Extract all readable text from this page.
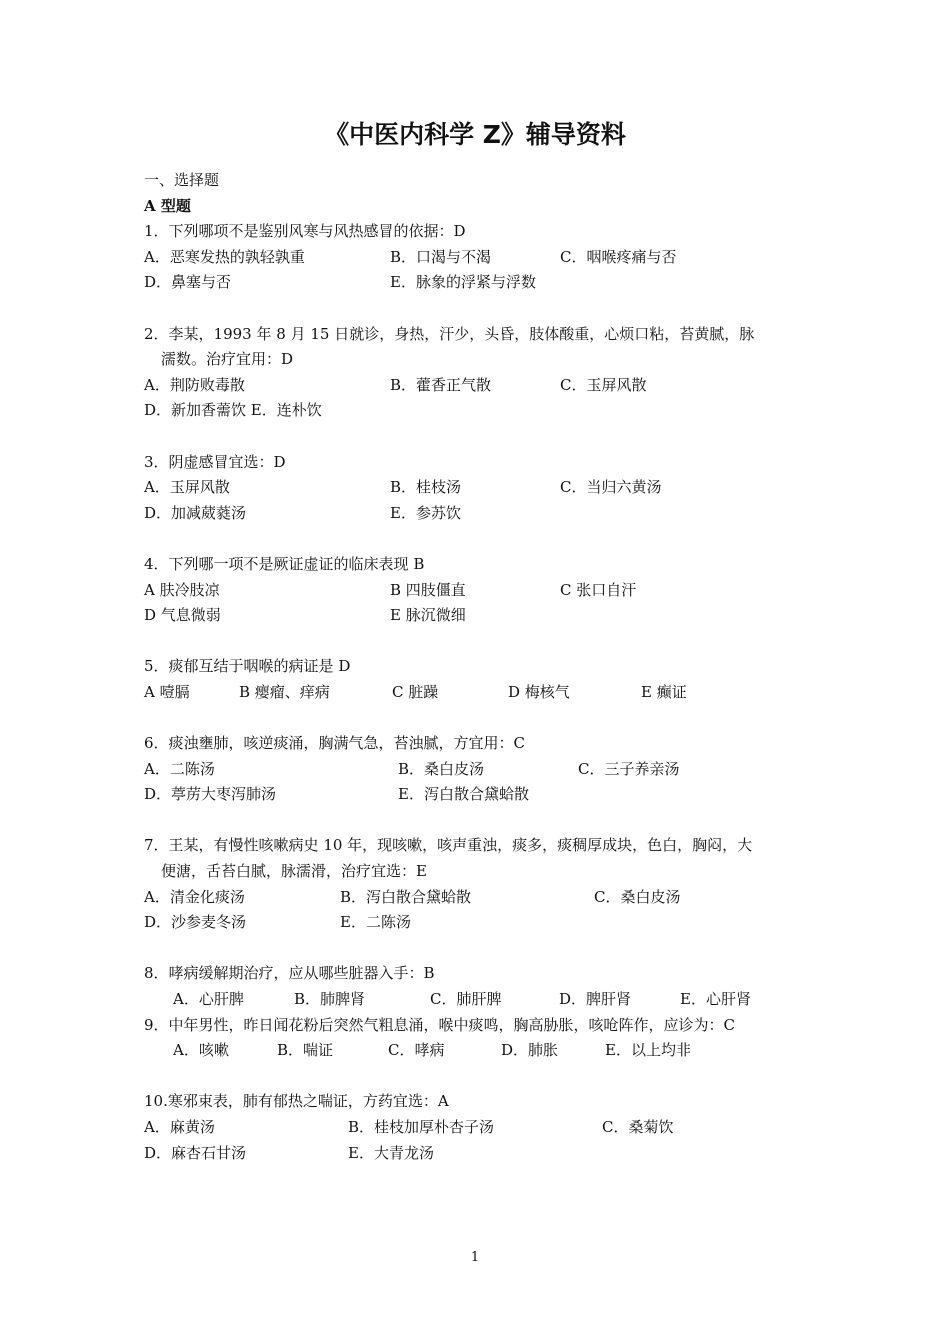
《中医内科学 Z》辅导资料
一、选择题
A 型题
1．下列哪项不是鉴别风寒与风热感冒的依据：D
A．恶寒发热的孰轻孰重	B．口渴与不渴	C．咽喉疼痛与否
D．鼻塞与否	E．脉象的浮紧与浮数
2．李某，1993 年 8 月 15 日就诊，身热，汗少，头昏，肢体酸重，心烦口粘，苔黄腻，脉
濡数。治疗宜用：D
A．荆防败毒散	B．藿香正气散	C．玉屏风散
D．新加香薷饮 E．连朴饮
3．阴虚感冒宜选：D
A．玉屏风散	B．桂枝汤	C．当归六黄汤
D．加减葳蕤汤	E．参苏饮
4．下列哪一项不是厥证虚证的临床表现 B
A 肤冷肢凉	B 四肢僵直	C 张口自汗
D 气息微弱	E 脉沉微细
5．痰郁互结于咽喉的病证是 D
A 噎膈	B 瘿瘤、痒病	C 脏躁	D 梅核气	E 癫证
6．痰浊壅肺，咳逆痰涌，胸满气急，苔浊腻，方宜用：C
A．二陈汤	B．桑白皮汤	C．三子养亲汤
D．葶苈大枣泻肺汤	E．泻白散合黛蛤散
7．王某，有慢性咳嗽病史 10 年，现咳嗽，咳声重浊，痰多，痰稠厚成块，色白，胸闷，大
便溏，舌苔白腻，脉濡滑，治疗宜选：E
A．清金化痰汤	B．泻白散合黛蛤散	C．桑白皮汤
D．沙参麦冬汤	E．二陈汤
8．哮病缓解期治疗，应从哪些脏器入手：B
A．心肝脾	B．肺脾肾	C．肺肝脾	D．脾肝肾	E．心肝肾
9．中年男性，昨日闻花粉后突然气粗息涌，喉中痰鸣，胸高胁胀，咳呛阵作，应诊为：C
A．咳嗽	B．喘证	C．哮病	D．肺胀	E．以上均非
10.寒邪束表，肺有郁热之喘证，方药宜选：A
A．麻黄汤	B．桂枝加厚朴杏子汤	C．桑菊饮
D．麻杏石甘汤	E．大青龙汤
1
